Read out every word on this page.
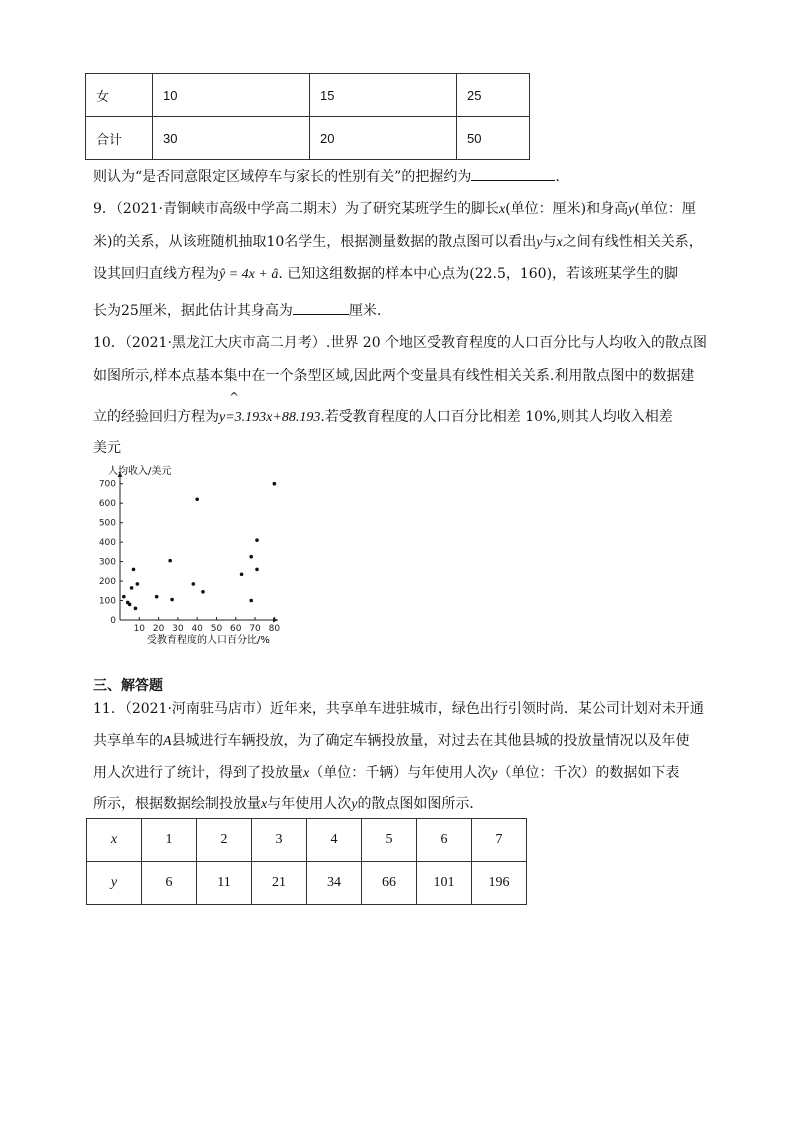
女	10	15	25
合计	30	20	50
则认为“是否同意限定区域停车与家长的性别有关”的把握约为	.
9．（2021·青铜峡市高级中学高二期末）为了研究某班学生的脚长x(单位：厘米)和身高y(单位：厘
米)的关系，从该班随机抽取10名学生，根据测量数据的散点图可以看出y与x之间有线性相关关系，
设其回归直线方程为ŷ = 4x + â. 已知这组数据的样本中心点为(22.5，160)，若该班某学生的脚
长为25厘米，据此估计其身高为	厘米.
10．（2021·黑龙江大庆市高二月考）.世界 20 个地区受教育程度的人口百分比与人均收入的散点图
如图所示,样本点基本集中在一个条型区域,因此两个变量具有线性相关关系.利用散点图中的数据建
^
立的经验回归方程为y=3.193x+88.193.若受教育程度的人口百分比相差 10%,则其人均收入相差
美元
0
100
200
300
400
500
600
700
10 20 30 40 50 60 70 80
人均收入/美元
受教育程度的人口百分比/%
三、解答题
11．（2021·河南驻马店市）近年来，共享单车进驻城市，绿色出行引领时尚．某公司计划对未开通
共享单车的A县城进行车辆投放，为了确定车辆投放量，对过去在其他县城的投放量情况以及年使
用人次进行了统计，得到了投放量x（单位：千辆）与年使用人次y（单位：千次）的数据如下表
所示，根据数据绘制投放量x与年使用人次y的散点图如图所示．
x	1	2	3	4	5	6	7
y	6	11	21	34	66	101	196
